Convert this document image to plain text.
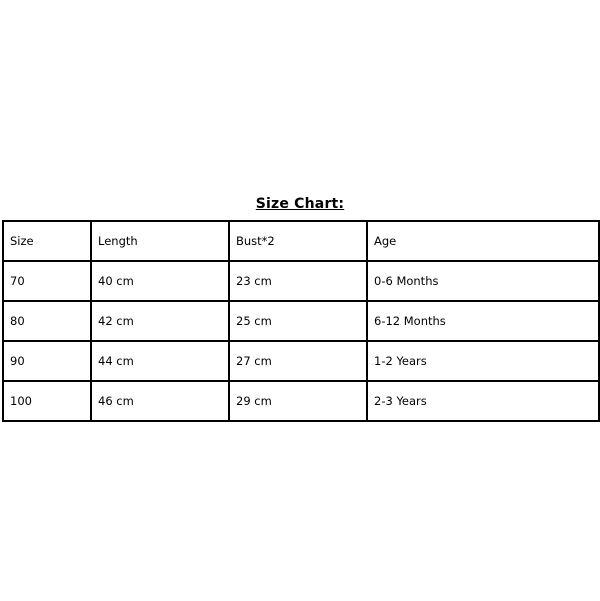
Size Chart:
Size	Length	Bust*2	Age
70	40 cm	23 cm	0-6 Months
80	42 cm	25 cm	6-12 Months
90	44 cm	27 cm	1-2 Years
100	46 cm	29 cm	2-3 Years
